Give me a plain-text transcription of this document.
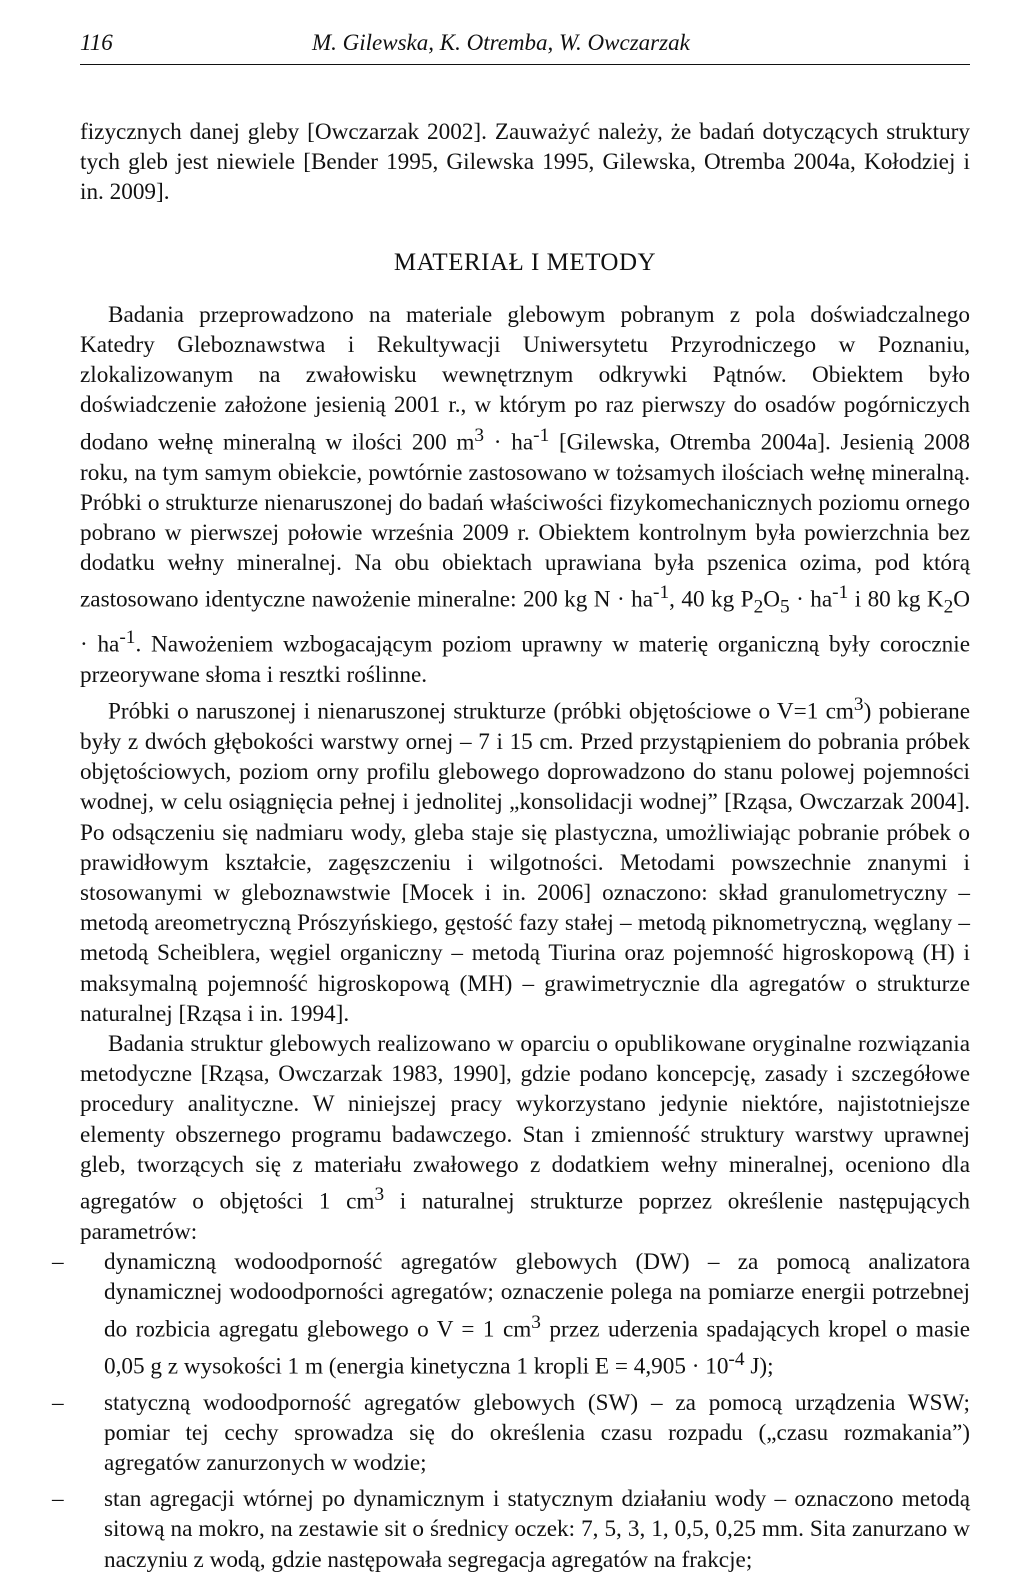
116	M. Gilewska, K. Otremba, W. Owczarzak

fizycznych danej gleby [Owczarzak 2002]. Zauważyć należy, że badań dotyczących struktury tych gleb jest niewiele [Bender 1995, Gilewska 1995, Gilewska, Otremba 2004a, Kołodziej i in. 2009].

MATERIAŁ I METODY

Badania przeprowadzono na materiale glebowym pobranym z pola doświadczalnego Katedry Gleboznawstwa i Rekultywacji Uniwersytetu Przyrodniczego w Poznaniu, zlokalizowanym na zwałowisku wewnętrznym odkrywki Pątnów. Obiektem było doświadczenie założone jesienią 2001 r., w którym po raz pierwszy do osadów pogórniczych dodano wełnę mineralną w ilości 200 $m^3 \cdot ha^{-1}$ [Gilewska, Otremba 2004a]. Jesienią 2008 roku, na tym samym obiekcie, powtórnie zastosowano w tożsamych ilościach wełnę mineralną. Próbki o strukturze nienaruszonej do badań właściwości fizykomechanicznych poziomu ornego pobrano w pierwszej połowie września 2009 r. Obiektem kontrolnym była powierzchnia bez dodatku wełny mineralnej. Na obu obiektach uprawiana była pszenica ozima, pod którą zastosowano identyczne nawożenie mineralne: 200 kg $N \cdot ha^{-1}$, 40 kg $P_2O_5 \cdot ha^{-1}$ i 80 kg $K_2O \cdot ha^{-1}$. Nawożeniem wzbogacającym poziom uprawny w materię organiczną były corocznie przeorywane słoma i resztki roślinne.

Próbki o naruszonej i nienaruszonej strukturze (próbki objętościowe o V=1 $cm^3$) pobierane były z dwóch głębokości warstwy ornej – 7 i 15 cm. Przed przystąpieniem do pobrania próbek objętościowych, poziom orny profilu glebowego doprowadzono do stanu polowej pojemności wodnej, w celu osiągnięcia pełnej i jednolitej „konsolidacji wodnej” [Rząsa, Owczarzak 2004]. Po odsączeniu się nadmiaru wody, gleba staje się plastyczna, umożliwiając pobranie próbek o prawidłowym kształcie, zagęszczeniu i wilgotności. Metodami powszechnie znanymi i stosowanymi w gleboznawstwie [Mocek i in. 2006] oznaczono: skład granulometryczny – metodą areometryczną Prószyńskiego, gęstość fazy stałej – metodą piknometryczną, węglany – metodą Scheiblera, węgiel organiczny – metodą Tiurina oraz pojemność higroskopową (H) i maksymalną pojemność higroskopową (MH) – grawimetrycznie dla agregatów o strukturze naturalnej [Rząsa i in. 1994].

Badania struktur glebowych realizowano w oparciu o opublikowane oryginalne rozwiązania metodyczne [Rząsa, Owczarzak 1983, 1990], gdzie podano koncepcję, zasady i szczegółowe procedury analityczne. W niniejszej pracy wykorzystano jedynie niektóre, najistotniejsze elementy obszernego programu badawczego. Stan i zmienność struktury warstwy uprawnej gleb, tworzących się z materiału zwałowego z dodatkiem wełny mineralnej, oceniono dla agregatów o objętości 1 $cm^3$ i naturalnej strukturze poprzez określenie następujących parametrów:

– dynamiczną wodoodporność agregatów glebowych (DW) – za pomocą analizatora dynamicznej wodoodporności agregatów; oznaczenie polega na pomiarze energii potrzebnej do rozbicia agregatu glebowego o V = 1 $cm^3$ przez uderzenia spadających kropel o masie 0,05 g z wysokości 1 m (energia kinetyczna 1 kropli $E = 4,905 \cdot 10^{-4}$ J);
– statyczną wodoodporność agregatów glebowych (SW) – za pomocą urządzenia WSW; pomiar tej cechy sprowadza się do określenia czasu rozpadu („czasu rozmakania”) agregatów zanurzonych w wodzie;
– stan agregacji wtórnej po dynamicznym i statycznym działaniu wody – oznaczono metodą sitową na mokro, na zestawie sit o średnicy oczek: 7, 5, 3, 1, 0,5, 0,25 mm. Sita zanurzano w naczyniu z wodą, gdzie następowała segregacja agregatów na frakcje;
